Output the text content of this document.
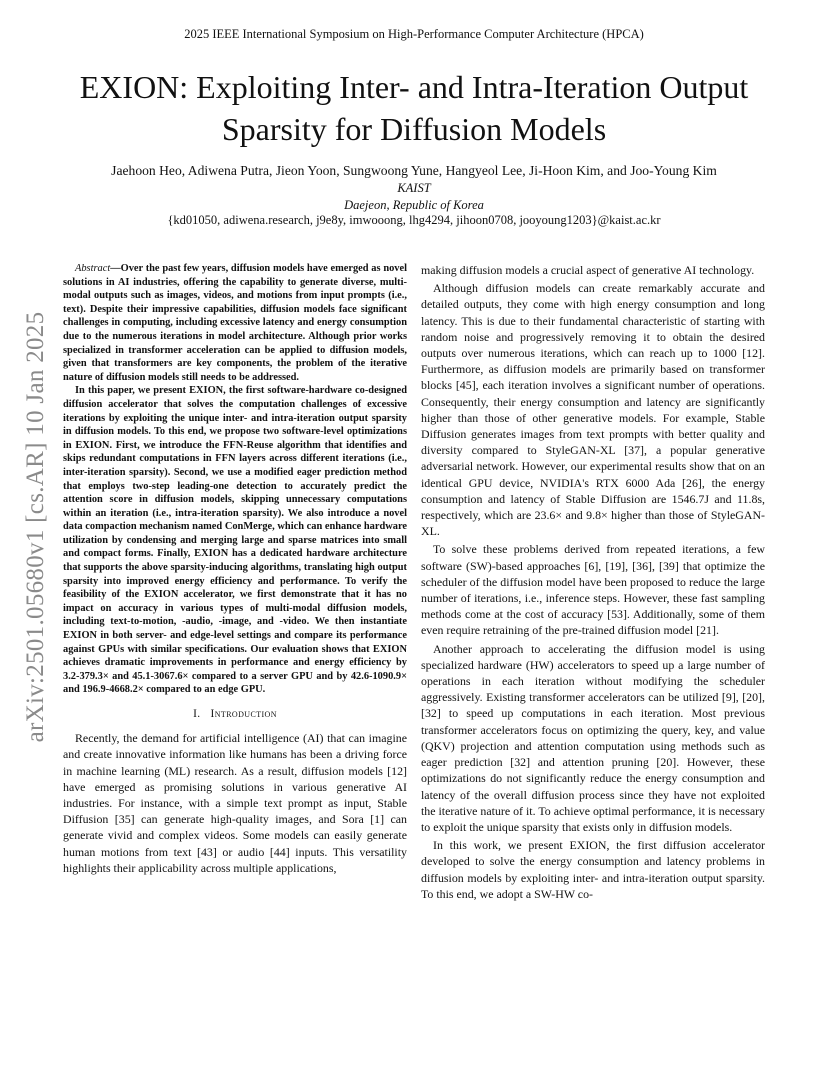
2025 IEEE International Symposium on High-Performance Computer Architecture (HPCA)
EXION: Exploiting Inter- and Intra-Iteration Output Sparsity for Diffusion Models
Jaehoon Heo, Adiwena Putra, Jieon Yoon, Sungwoong Yune, Hangyeol Lee, Ji-Hoon Kim, and Joo-Young Kim
KAIST
Daejeon, Republic of Korea
{kd01050, adiwena.research, j9e8y, imwooong, lhg4294, jihoon0708, jooyoung1203}@kaist.ac.kr
arXiv:2501.05680v1 [cs.AR] 10 Jan 2025

Abstract—Over the past few years, diffusion models have emerged as novel solutions in AI industries, offering the capability to generate diverse, multi-modal outputs such as images, videos, and motions from input prompts (i.e., text). Despite their impressive capabilities, diffusion models face significant challenges in computing, including excessive latency and energy consumption due to the numerous iterations in model architecture. Although prior works specialized in transformer acceleration can be applied to diffusion models, given that transformers are key components, the problem of the iterative nature of diffusion models still needs to be addressed.

In this paper, we present EXION, the first software-hardware co-designed diffusion accelerator that solves the computation challenges of excessive iterations by exploiting the unique inter- and intra-iteration output sparsity in diffusion models. To this end, we propose two software-level optimizations in EXION. First, we introduce the FFN-Reuse algorithm that identifies and skips redundant computations in FFN layers across different iterations (i.e., inter-iteration sparsity). Second, we use a modified eager prediction method that employs two-step leading-one detection to accurately predict the attention score in diffusion models, skipping unnecessary computations within an iteration (i.e., intra-iteration sparsity). We also introduce a novel data compaction mechanism named ConMerge, which can enhance hardware utilization by condensing and merging large and sparse matrices into small and compact forms. Finally, EXION has a dedicated hardware architecture that supports the above sparsity-inducing algorithms, translating high output sparsity into improved energy efficiency and performance. To verify the feasibility of the EXION accelerator, we first demonstrate that it has no impact on accuracy in various types of multi-modal diffusion models, including text-to-motion, -audio, -image, and -video. We then instantiate EXION in both server- and edge-level settings and compare its performance against GPUs with similar specifications. Our evaluation shows that EXION achieves dramatic improvements in performance and energy efficiency by 3.2-379.3× and 45.1-3067.6× compared to a server GPU and by 42.6-1090.9× and 196.9-4668.2× compared to an edge GPU.

I. Introduction

Recently, the demand for artificial intelligence (AI) that can imagine and create innovative information like humans has been a driving force in machine learning (ML) research. As a result, diffusion models [12] have emerged as promising solutions in various generative AI industries. For instance, with a simple text prompt as input, Stable Diffusion [35] can generate high-quality images, and Sora [1] can generate vivid and complex videos. Some models can easily generate human motions from text [43] or audio [44] inputs. This versatility highlights their applicability across multiple applications,

making diffusion models a crucial aspect of generative AI technology.

Although diffusion models can create remarkably accurate and detailed outputs, they come with high energy consumption and long latency. This is due to their fundamental characteristic of starting with random noise and progressively removing it to obtain the desired outputs over numerous iterations, which can reach up to 1000 [12]. Furthermore, as diffusion models are primarily based on transformer blocks [45], each iteration involves a significant number of operations. Consequently, their energy consumption and latency are significantly higher than those of other generative models. For example, Stable Diffusion generates images from text prompts with better quality and diversity compared to StyleGAN-XL [37], a popular generative adversarial network. However, our experimental results show that on an identical GPU device, NVIDIA's RTX 6000 Ada [26], the energy consumption and latency of Stable Diffusion are 1546.7J and 11.8s, respectively, which are 23.6× and 9.8× higher than those of StyleGAN-XL.

To solve these problems derived from repeated iterations, a few software (SW)-based approaches [6], [19], [36], [39] that optimize the scheduler of the diffusion model have been proposed to reduce the large number of iterations, i.e., inference steps. However, these fast sampling methods come at the cost of accuracy [53]. Additionally, some of them even require retraining of the pre-trained diffusion model [21].

Another approach to accelerating the diffusion model is using specialized hardware (HW) accelerators to speed up a large number of operations in each iteration without modifying the scheduler aggressively. Existing transformer accelerators can be utilized [9], [20], [32] to speed up computations in each iteration. Most previous transformer accelerators focus on optimizing the query, key, and value (QKV) projection and attention computation using methods such as eager prediction [32] and attention pruning [20]. However, these optimizations do not significantly reduce the energy consumption and latency of the overall diffusion process since they have not exploited the iterative nature of it. To achieve optimal performance, it is necessary to exploit the unique sparsity that exists only in diffusion models.

In this work, we present EXION, the first diffusion accelerator developed to solve the energy consumption and latency problems in diffusion models by exploiting inter- and intra-iteration output sparsity. To this end, we adopt a SW-HW co-
